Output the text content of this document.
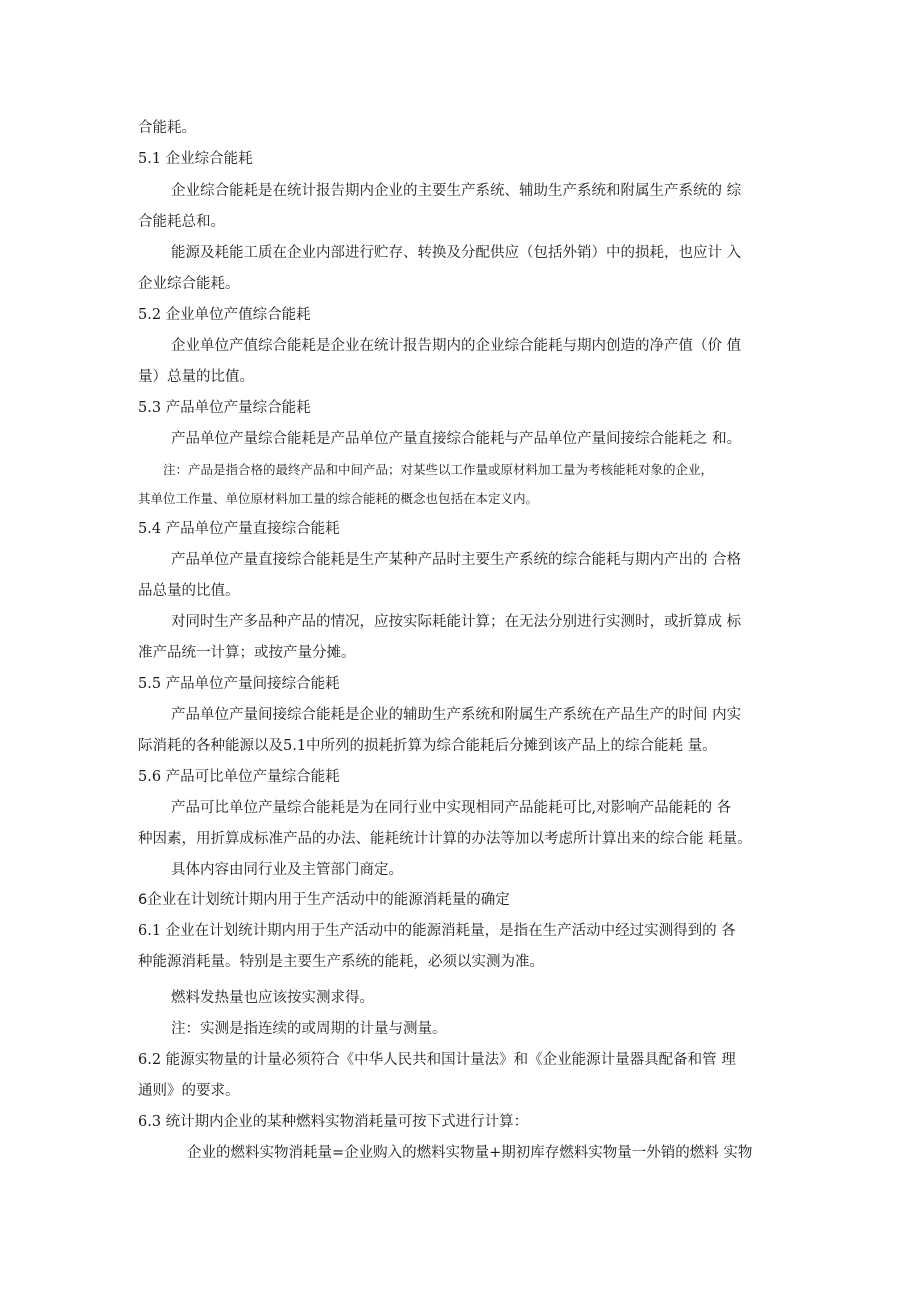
合能耗。
5.1 企业综合能耗
企业综合能耗是在统计报告期内企业的主要生产系统、辅助生产系统和附属生产系统的 综
合能耗总和。
能源及耗能工质在企业内部进行贮存、转换及分配供应（包括外销）中的损耗，也应计 入
企业综合能耗。
5.2 企业单位产值综合能耗
企业单位产值综合能耗是企业在统计报告期内的企业综合能耗与期内创造的净产值（价 值
量）总量的比值。
5.3 产品单位产量综合能耗
产品单位产量综合能耗是产品单位产量直接综合能耗与产品单位产量间接综合能耗之 和。
注：产品是指合格的最终产品和中间产品；对某些以工作量或原材料加工量为考核能耗对象的企业，
其单位工作量、单位原材料加工量的综合能耗的概念也包括在本定义内。
5.4 产品单位产量直接综合能耗
产品单位产量直接综合能耗是生产某种产品时主要生产系统的综合能耗与期内产出的 合格
品总量的比值。
对同时生产多品种产品的情况，应按实际耗能计算；在无法分别进行实测时，或折算成 标
准产品统一计算；或按产量分摊。
5.5 产品单位产量间接综合能耗
产品单位产量间接综合能耗是企业的辅助生产系统和附属生产系统在产品生产的时间 内实
际消耗的各种能源以及5.1中所列的损耗折算为综合能耗后分摊到该产品上的综合能耗 量。
5.6 产品可比单位产量综合能耗
产品可比单位产量综合能耗是为在同行业中实现相同产品能耗可比,对影响产品能耗的 各
种因素，用折算成标准产品的办法、能耗统计计算的办法等加以考虑所计算出来的综合能 耗量。
具体内容由同行业及主管部门商定。
6企业在计划统计期内用于生产活动中的能源消耗量的确定
6.1 企业在计划统计期内用于生产活动中的能源消耗量，是指在生产活动中经过实测得到的 各
种能源消耗量。特别是主要生产系统的能耗，必须以实测为准。
燃料发热量也应该按实测求得。
注：实测是指连续的或周期的计量与测量。
6.2 能源实物量的计量必须符合《中华人民共和国计量法》和《企业能源计量器具配备和管 理
通则》的要求。
6.3 统计期内企业的某种燃料实物消耗量可按下式进行计算：
企业的燃料实物消耗量=企业购入的燃料实物量+期初库存燃料实物量一外销的燃料 实物
